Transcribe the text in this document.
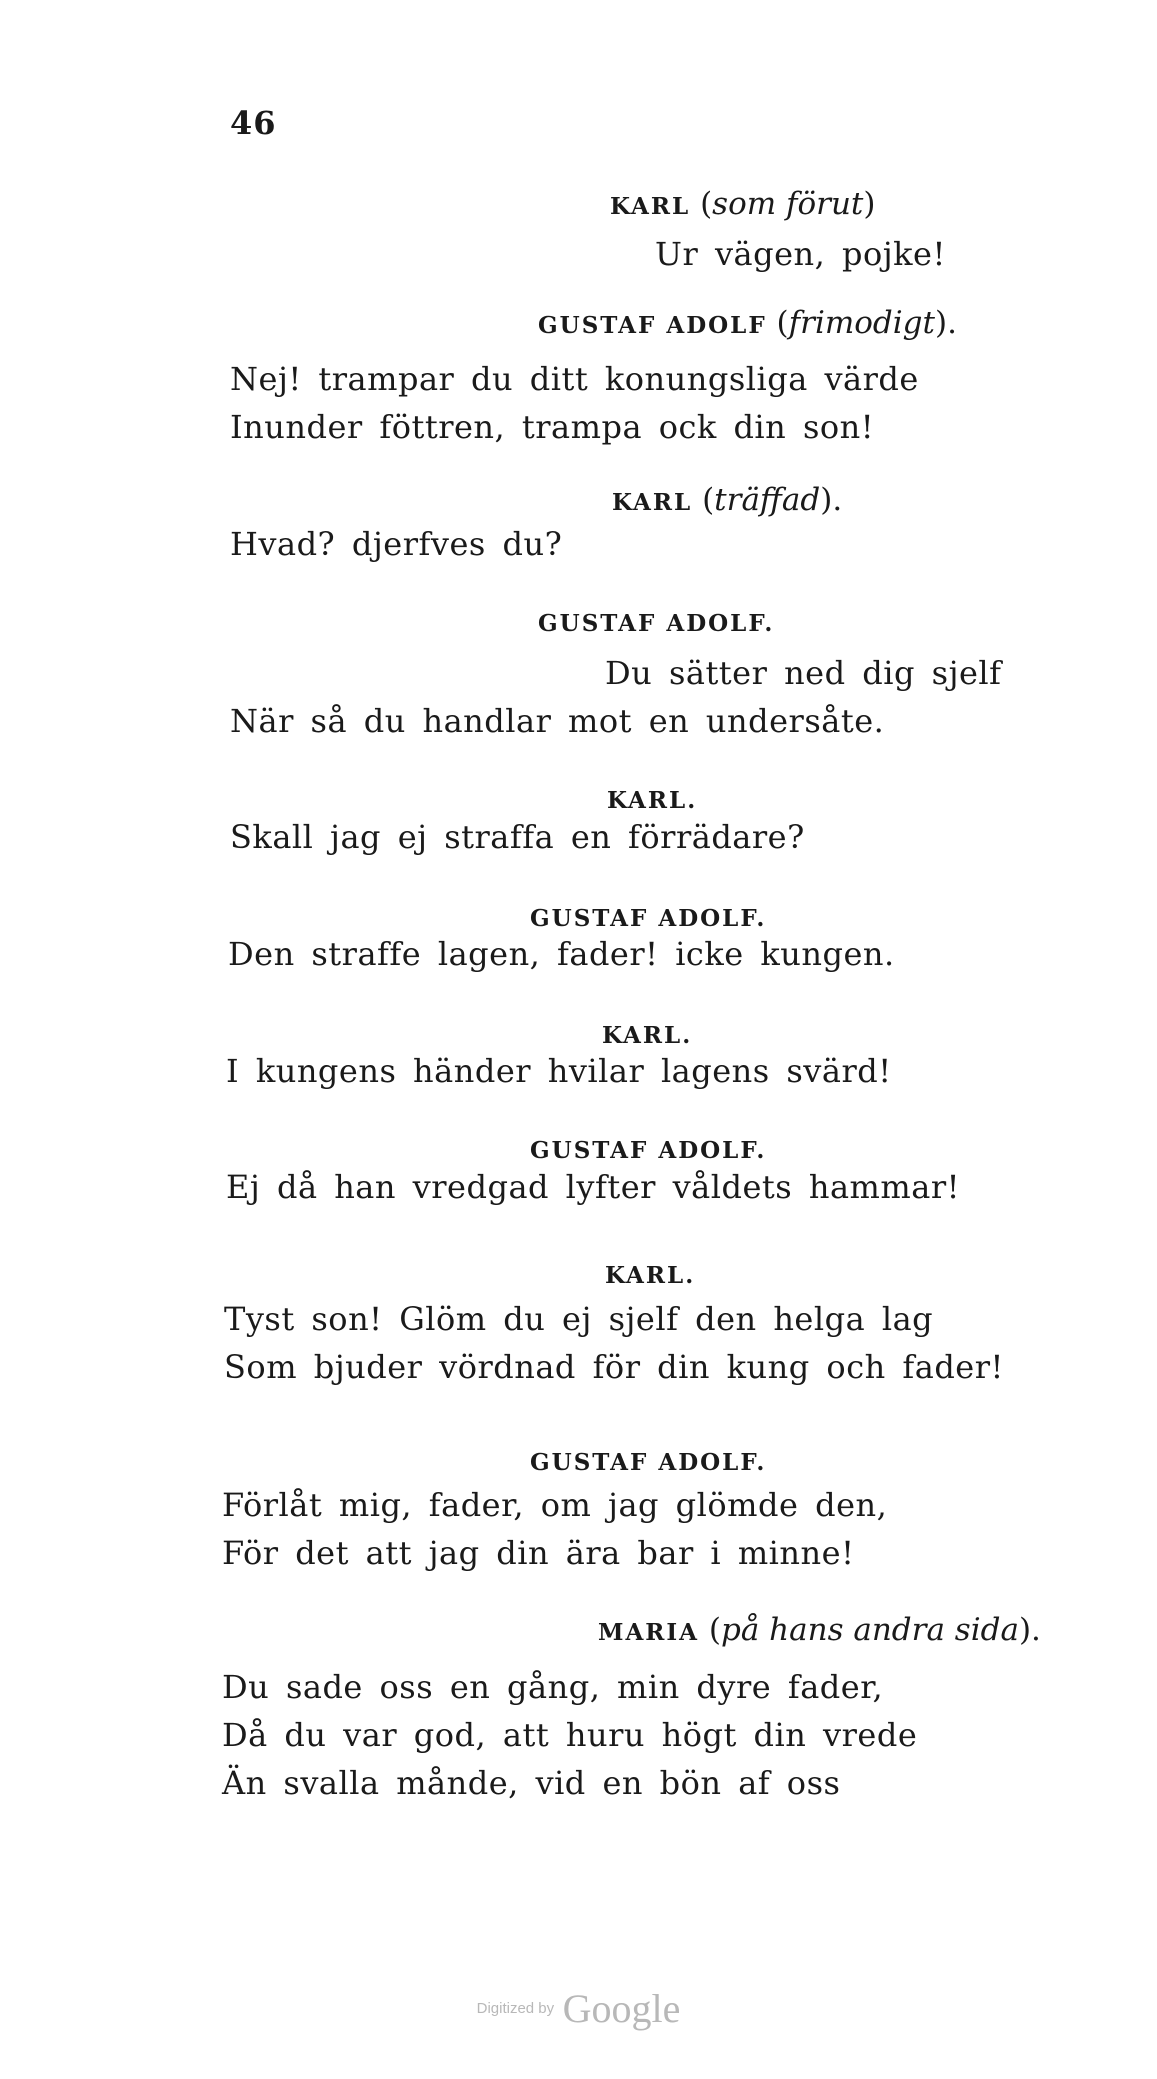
46
KARL (som förut)
Ur vägen, pojke!
GUSTAF ADOLF (frimodigt).
Nej! trampar du ditt konungsliga värde
Inunder föttren, trampa ock din son!
KARL (träffad).
Hvad? djerfves du?
GUSTAF ADOLF.
Du sätter ned dig sjelf
När så du handlar mot en undersåte.
KARL.
Skall jag ej straffa en förrädare?
GUSTAF ADOLF.
Den straffe lagen, fader! icke kungen.
KARL.
I kungens händer hvilar lagens svärd!
GUSTAF ADOLF.
Ej då han vredgad lyfter våldets hammar!
KARL.
Tyst son! Glöm du ej sjelf den helga lag
Som bjuder vördnad för din kung och fader!
GUSTAF ADOLF.
Förlåt mig, fader, om jag glömde den,
För det att jag din ära bar i minne!
MARIA (på hans andra sida).
Du sade oss en gång, min dyre fader,
Då du var god, att huru högt din vrede
Än svalla månde, vid en bön af oss
Digitized by Google
